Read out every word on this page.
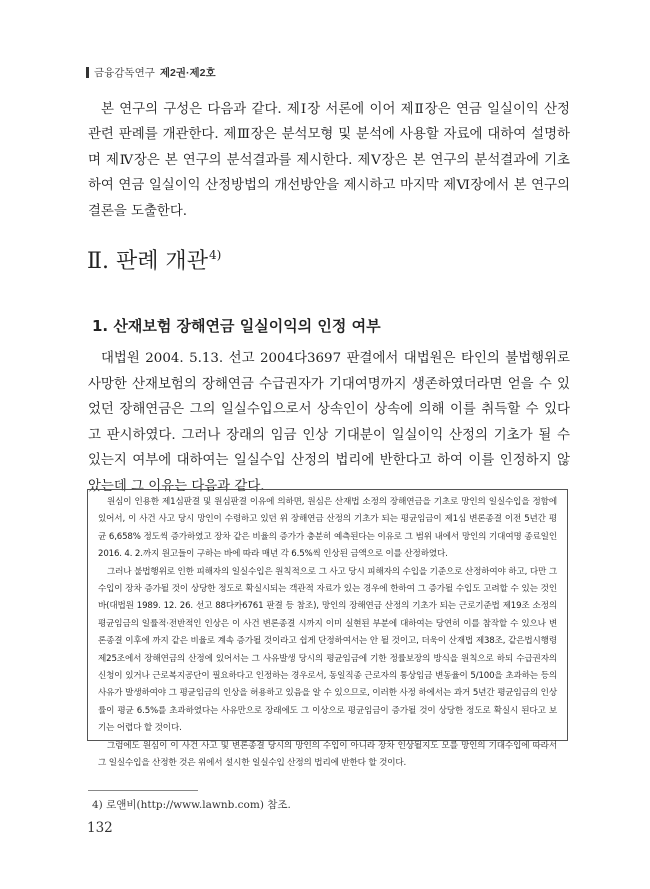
금융감독연구 제2권·제2호

본 연구의 구성은 다음과 같다. 제Ⅰ장 서론에 이어 제Ⅱ장은 연금 일실이익 산정 관련 판례를 개관한다. 제Ⅲ장은 분석모형 및 분석에 사용할 자료에 대하여 설명하며 제Ⅳ장은 본 연구의 분석결과를 제시한다. 제Ⅴ장은 본 연구의 분석결과에 기초하여 연금 일실이익 산정방법의 개선방안을 제시하고 마지막 제Ⅵ장에서 본 연구의 결론을 도출한다.

Ⅱ. 판례 개관$^{4)}$
1. 산재보험 장해연금 일실이익의 인정 여부

대법원 2004. 5.13. 선고 2004다3697 판결에서 대법원은 타인의 불법행위로 사망한 산재보험의 장해연금 수급권자가 기대여명까지 생존하였더라면 얻을 수 있었던 장해연금은 그의 일실수입으로서 상속인이 상속에 의해 이를 취득할 수 있다고 판시하였다. 그러나 장래의 임금 인상 기대분이 일실이익 산정의 기초가 될 수 있는지 여부에 대하여는 일실수입 산정의 법리에 반한다고 하여 이를 인정하지 않았는데 그 이유는 다음과 같다.

원심이 인용한 제1심판결 및 원심판결 이유에 의하면, 원심은 산재법 소정의 장해연금을 기초로 망인의 일실수입을 정함에 있어서, 이 사건 사고 당시 망인이 수령하고 있던 위 장해연금 산정의 기초가 되는 평균임금이 제1심 변론종결 이전 5년간 평균 6,658% 정도씩 증가하였고 장차 같은 비율의 증가가 충분히 예측된다는 이유로 그 범위 내에서 망인의 기대여명 종료일인 2016. 4. 2.까지 원고들이 구하는 바에 따라 매년 각 6.5%씩 인상된 금액으로 이를 산정하였다.

그러나 불법행위로 인한 피해자의 일실수입은 원칙적으로 그 사고 당시 피해자의 수입을 기준으로 산정하여야 하고, 다만 그 수입이 장차 증가될 것이 상당한 정도로 확실시되는 객관적 자료가 있는 경우에 한하여 그 증가될 수입도 고려할 수 있는 것인바(대법원 1989. 12. 26. 선고 88다카6761 판결 등 참조), 망인의 장해연금 산정의 기초가 되는 근로기준법 제19조 소정의 평균임금의 일률적·전반적인 인상은 이 사건 변론종결 시까지 이미 실현된 부분에 대하여는 당연히 이를 참작할 수 있으나 변론종결 이후에 까지 같은 비율로 계속 증가될 것이라고 쉽게 단정하여서는 안 될 것이고, 더욱이 산재법 제38조, 같은법시행령 제25조에서 장해연금의 산정에 있어서는 그 사유발생 당시의 평균임금에 기한 정률보장의 방식을 원칙으로 하되 수급권자의 신청이 있거나 근로복지공단이 필요하다고 인정하는 경우로서, 동일직종 근로자의 통상임금 변동율이 5/100을 초과하는 등의 사유가 발생하여야 그 평균임금의 인상을 허용하고 있음을 알 수 있으므로, 이러한 사정 하에서는 과거 5년간 평균임금의 인상률이 평균 6.5%를 초과하였다는 사유만으로 장래에도 그 이상으로 평균임금이 증가될 것이 상당한 정도로 확실시 된다고 보기는 어렵다 할 것이다.

그럼에도 원심이 이 사건 사고 및 변론종결 당시의 망인의 수입이 아니라 장차 인상될지도 모를 망인의 기대수입에 따라서 그 일실수입을 산정한 것은 위에서 설시한 일실수입 산정의 법리에 반한다 할 것이다.

4) 로앤비(http://www.lawnb.com) 참조.
132
